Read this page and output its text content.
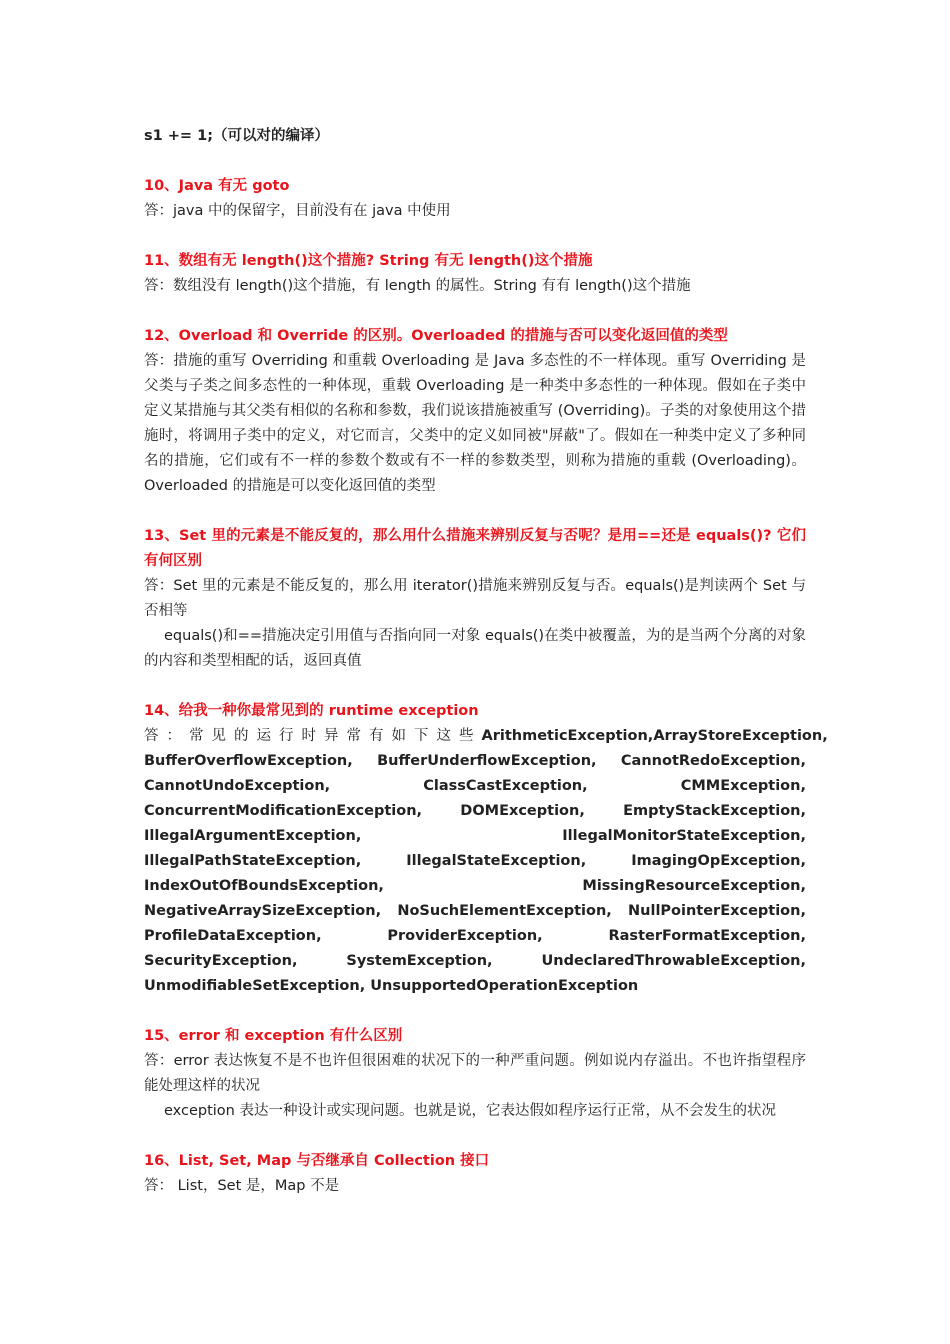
s1 += 1;（可以对的编译）

10、Java 有无 goto

答：java 中的保留字，目前没有在 java 中使用

11、数组有无 length()这个措施? String 有无 length()这个措施

答：数组没有 length()这个措施，有 length 的属性。String 有有 length()这个措施

12、Overload 和 Override 的区别。Overloaded 的措施与否可以变化返回值的类型

答：措施的重写 Overriding 和重载 Overloading 是 Java 多态性的不一样体现。重写 Overriding 是父类与子类之间多态性的一种体现，重载 Overloading 是一种类中多态性的一种体现。假如在子类中定义某措施与其父类有相似的名称和参数，我们说该措施被重写 (Overriding)。子类的对象使用这个措施时，将调用子类中的定义，对它而言，父类中的定义如同被"屏蔽"了。假如在一种类中定义了多种同名的措施，它们或有不一样的参数个数或有不一样的参数类型，则称为措施的重载 (Overloading)。Overloaded 的措施是可以变化返回值的类型

13、Set 里的元素是不能反复的，那么用什么措施来辨别反复与否呢？是用==还是 equals()? 它们有何区别

答：Set 里的元素是不能反复的，那么用 iterator()措施来辨别反复与否。equals()是判读两个 Set 与否相等

equals()和==措施决定引用值与否指向同一对象 equals()在类中被覆盖，为的是当两个分离的对象的内容和类型相配的话，返回真值

14、给我一种你最常见到的 runtime exception

答：常见的运行时异常有如下这些 ArithmeticException, ArrayStoreException,
BufferOverflowException, BufferUnderflowException, CannotRedoException,
CannotUndoException,	ClassCastException,	CMMException,
ConcurrentModificationException,	DOMException,	EmptyStackException,
IllegalArgumentException,	IllegalMonitorStateException,
IllegalPathStateException,	IllegalStateException,	ImagingOpException,
IndexOutOfBoundsException,	MissingResourceException,
NegativeArraySizeException, NoSuchElementException, NullPointerException,
ProfileDataException,	ProviderException,	RasterFormatException,
SecurityException,	SystemException,	UndeclaredThrowableException,
UnmodifiableSetException, UnsupportedOperationException

15、error 和 exception 有什么区别

答：error 表达恢复不是不也许但很困难的状况下的一种严重问题。例如说内存溢出。不也许指望程序能处理这样的状况

exception 表达一种设计或实现问题。也就是说，它表达假如程序运行正常，从不会发生的状况

16、List, Set, Map 与否继承自 Collection 接口

答： List，Set 是，Map 不是
